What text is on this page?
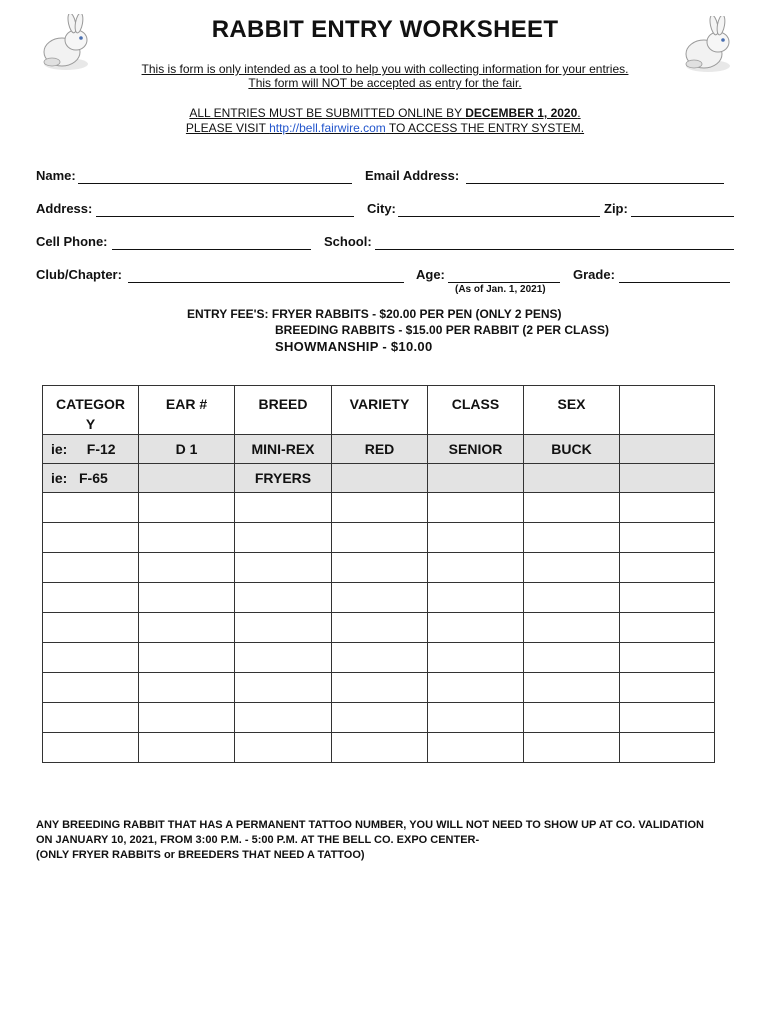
RABBIT ENTRY WORKSHEET
This is form is only intended as a tool to help you with collecting information for your entries.
This form will NOT be accepted as entry for the fair.
ALL ENTRIES MUST BE SUBMITTED ONLINE BY DECEMBER 1, 2020.
PLEASE VISIT http://bell.fairwire.com TO ACCESS THE ENTRY SYSTEM.
Name:	Email Address:
Address:	City:	Zip:
Cell Phone:	School:
Club/Chapter:	Age:
(As of Jan. 1, 2021)
Grade:
ENTRY FEE'S: FRYER RABBITS - $20.00 PER PEN (ONLY 2 PENS)
BREEDING RABBITS - $15.00 PER RABBIT (2 PER CLASS)
SHOWMANSHIP - $10.00
CATEGOR
Y	EAR #	BREED	VARIETY	CLASS	SEX	
ie:     F-12	D 1	MINI-REX	RED	SENIOR	BUCK	
ie:   F-65		FRYERS				

ANY BREEDING RABBIT THAT HAS A PERMANENT TATTOO NUMBER, YOU WILL NOT NEED TO SHOW UP AT CO. VALIDATION
ON JANUARY 10, 2021, FROM 3:00 P.M. - 5:00 P.M. AT THE BELL CO. EXPO CENTER-
(ONLY FRYER RABBITS or BREEDERS THAT NEED A TATTOO)
